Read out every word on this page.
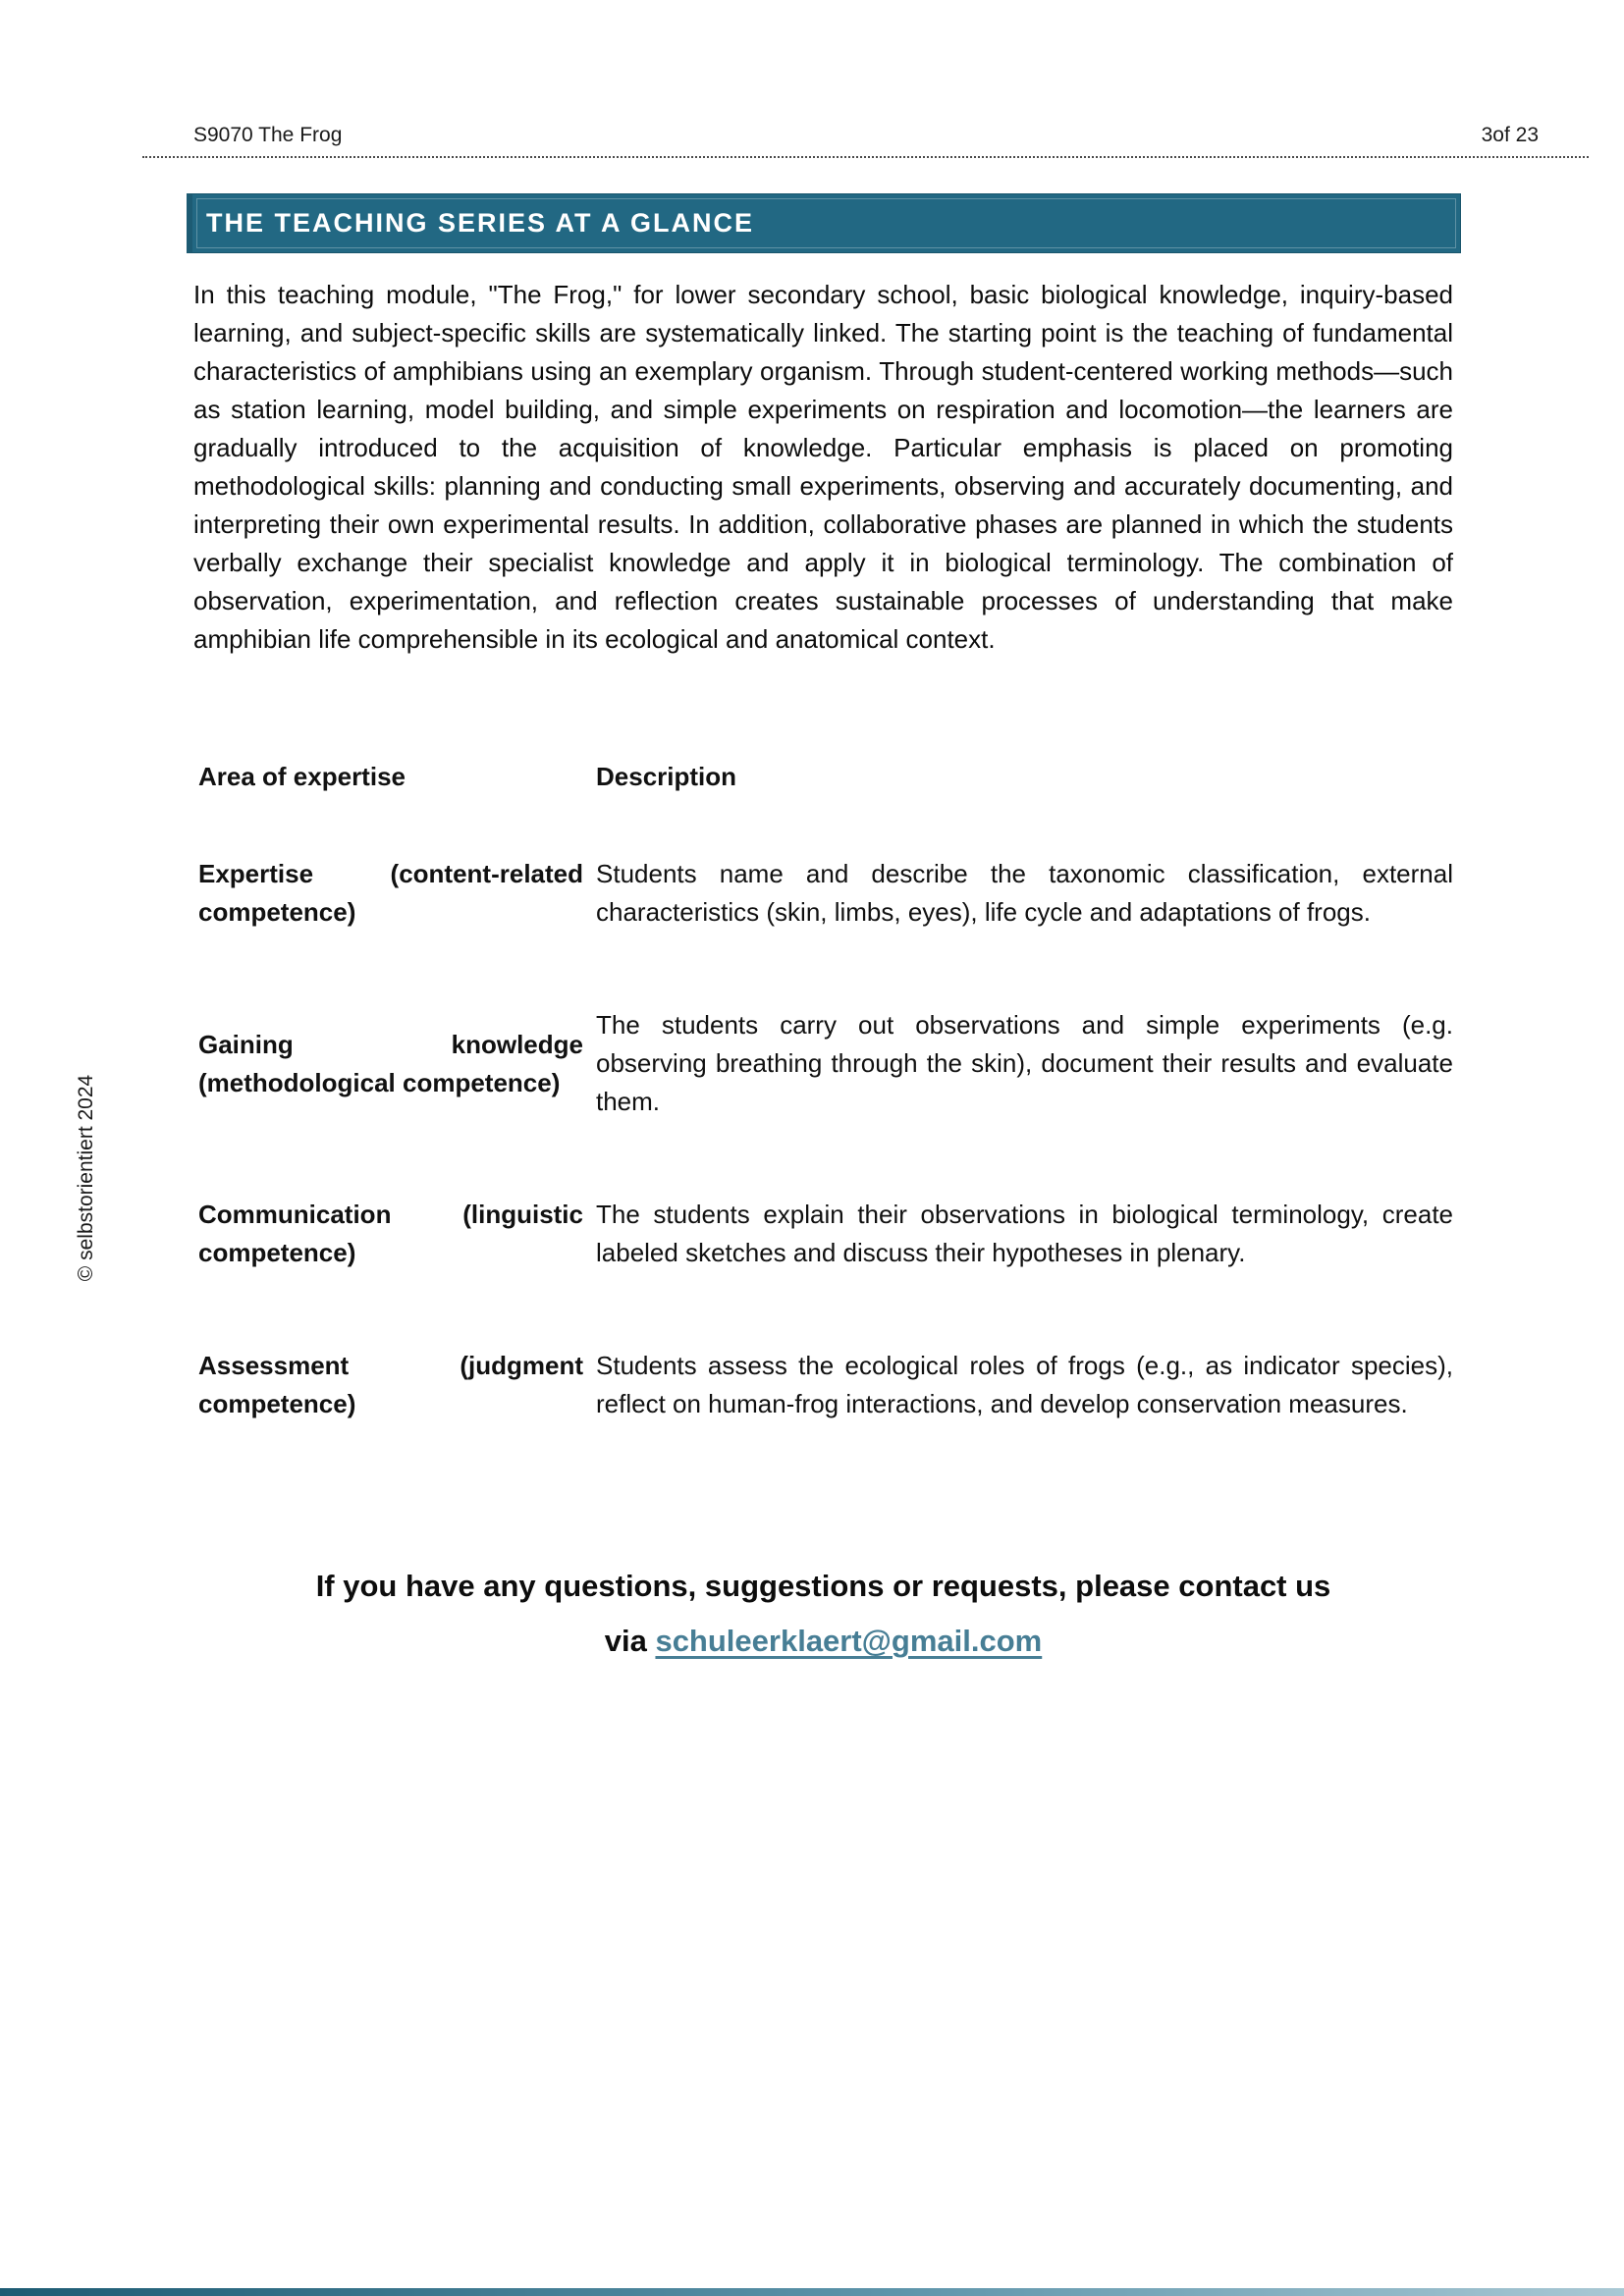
S9070 The Frog	3of 23
THE TEACHING SERIES AT A GLANCE

In this teaching module, "The Frog," for lower secondary school, basic biological knowledge, inquiry-based learning, and subject-specific skills are systematically linked. The starting point is the teaching of fundamental characteristics of amphibians using an exemplary organism. Through student-centered working methods—such as station learning, model building, and simple experiments on respiration and locomotion—the learners are gradually introduced to the acquisition of knowledge. Particular emphasis is placed on promoting methodological skills: planning and conducting small experiments, observing and accurately documenting, and interpreting their own experimental results. In addition, collaborative phases are planned in which the students verbally exchange their specialist knowledge and apply it in biological terminology. The combination of observation, experimentation, and reflection creates sustainable processes of understanding that make amphibian life comprehensible in its ecological and anatomical context.

Area of expertise	Description
Expertise (content-related competence)
Students name and describe the taxonomic classification, external characteristics (skin, limbs, eyes), life cycle and adaptations of frogs.
Gaining knowledge (methodological competence)
The students carry out observations and simple experiments (e.g. observing breathing through the skin), document their results and evaluate them.
Communication (linguistic competence)
The students explain their observations in biological terminology, create labeled sketches and discuss their hypotheses in plenary.
Assessment (judgment competence)
Students assess the ecological roles of frogs (e.g., as indicator species), reflect on human-frog interactions, and develop conservation measures.
If you have any questions, suggestions or requests, please contact us
via schuleerklaert@gmail.com
© selbstorientiert 2024
